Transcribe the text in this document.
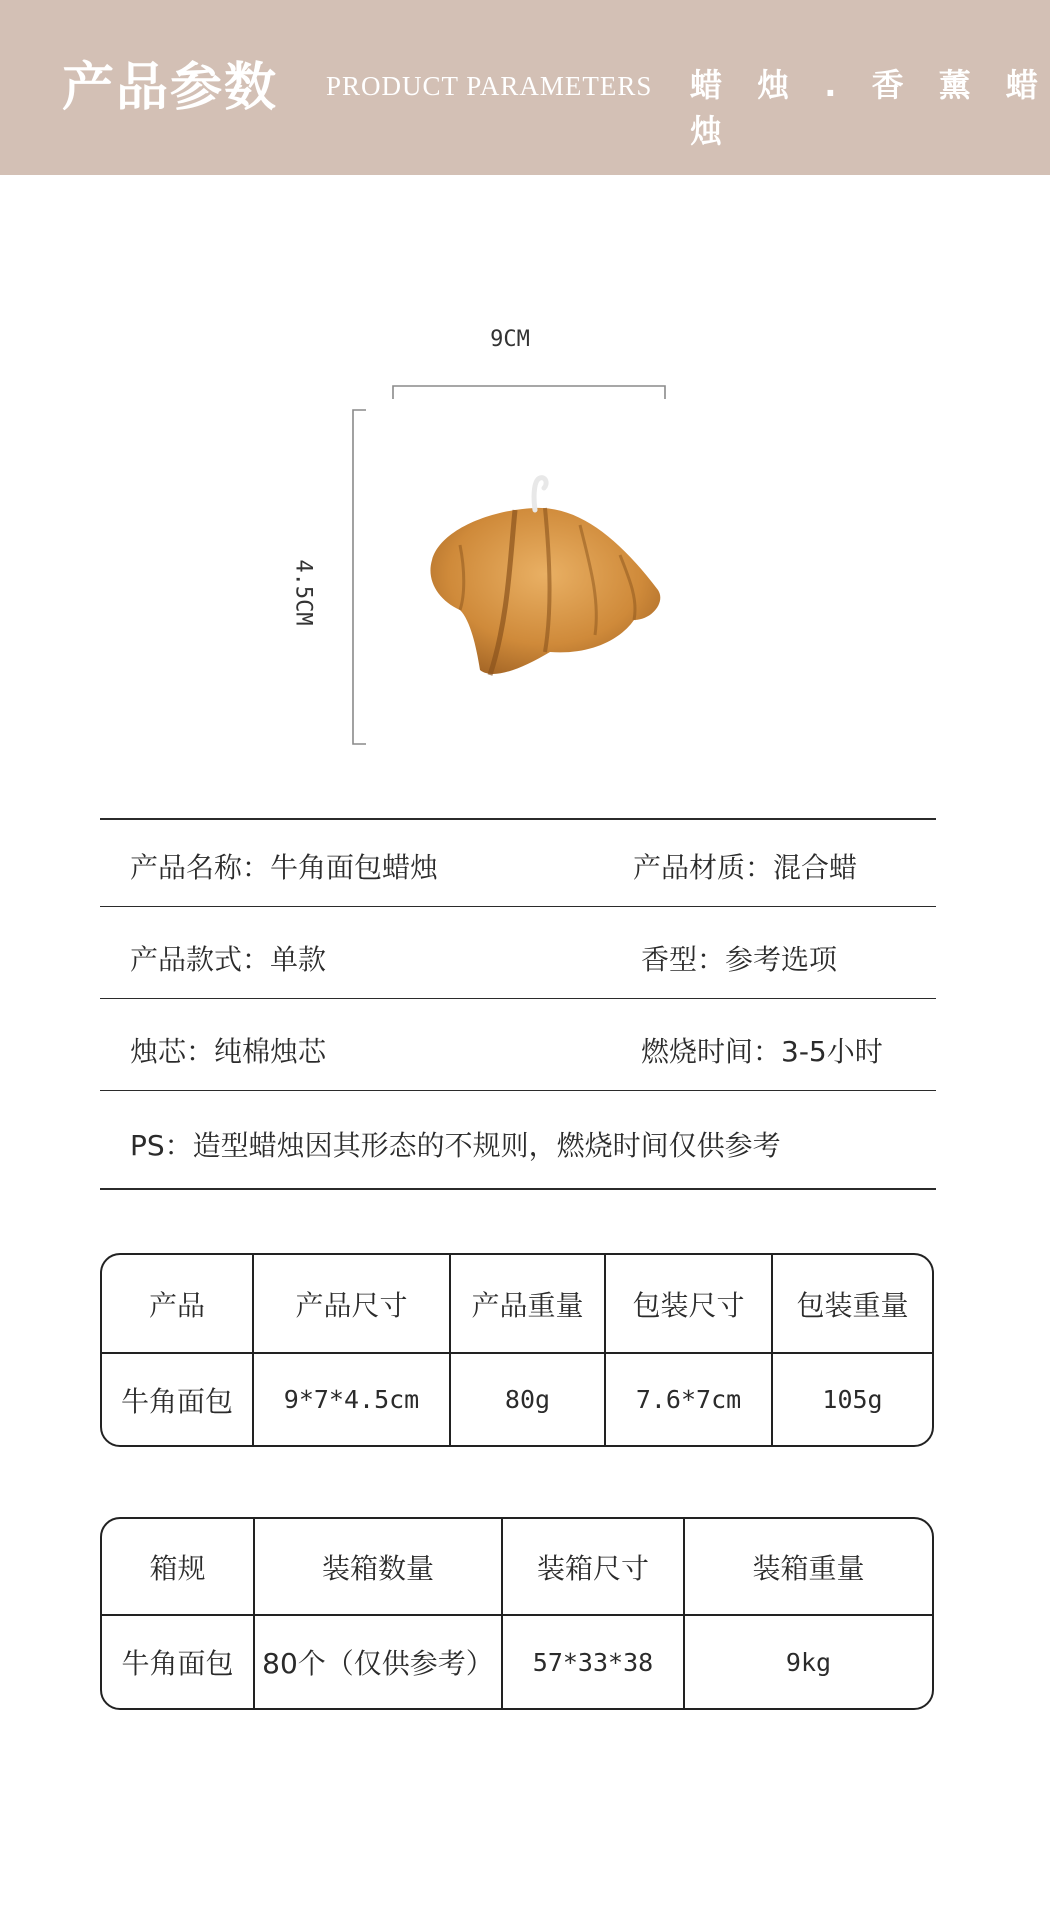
产品参数 PRODUCT PARAMETERS 蜡 烛 . 香 薰 蜡 烛
9CM
4.5CM
产品名称：牛角面包蜡烛	产品材质：混合蜡
产品款式：单款	香型：参考选项
烛芯：纯棉烛芯	燃烧时间：3-5小时
PS：造型蜡烛因其形态的不规则，燃烧时间仅供参考
产品	产品尺寸	产品重量	包装尺寸	包装重量
牛角面包	9*7*4.5cm	80g	7.6*7cm	105g
箱规	装箱数量	装箱尺寸	装箱重量
牛角面包	80个（仅供参考）	57*33*38	9kg
